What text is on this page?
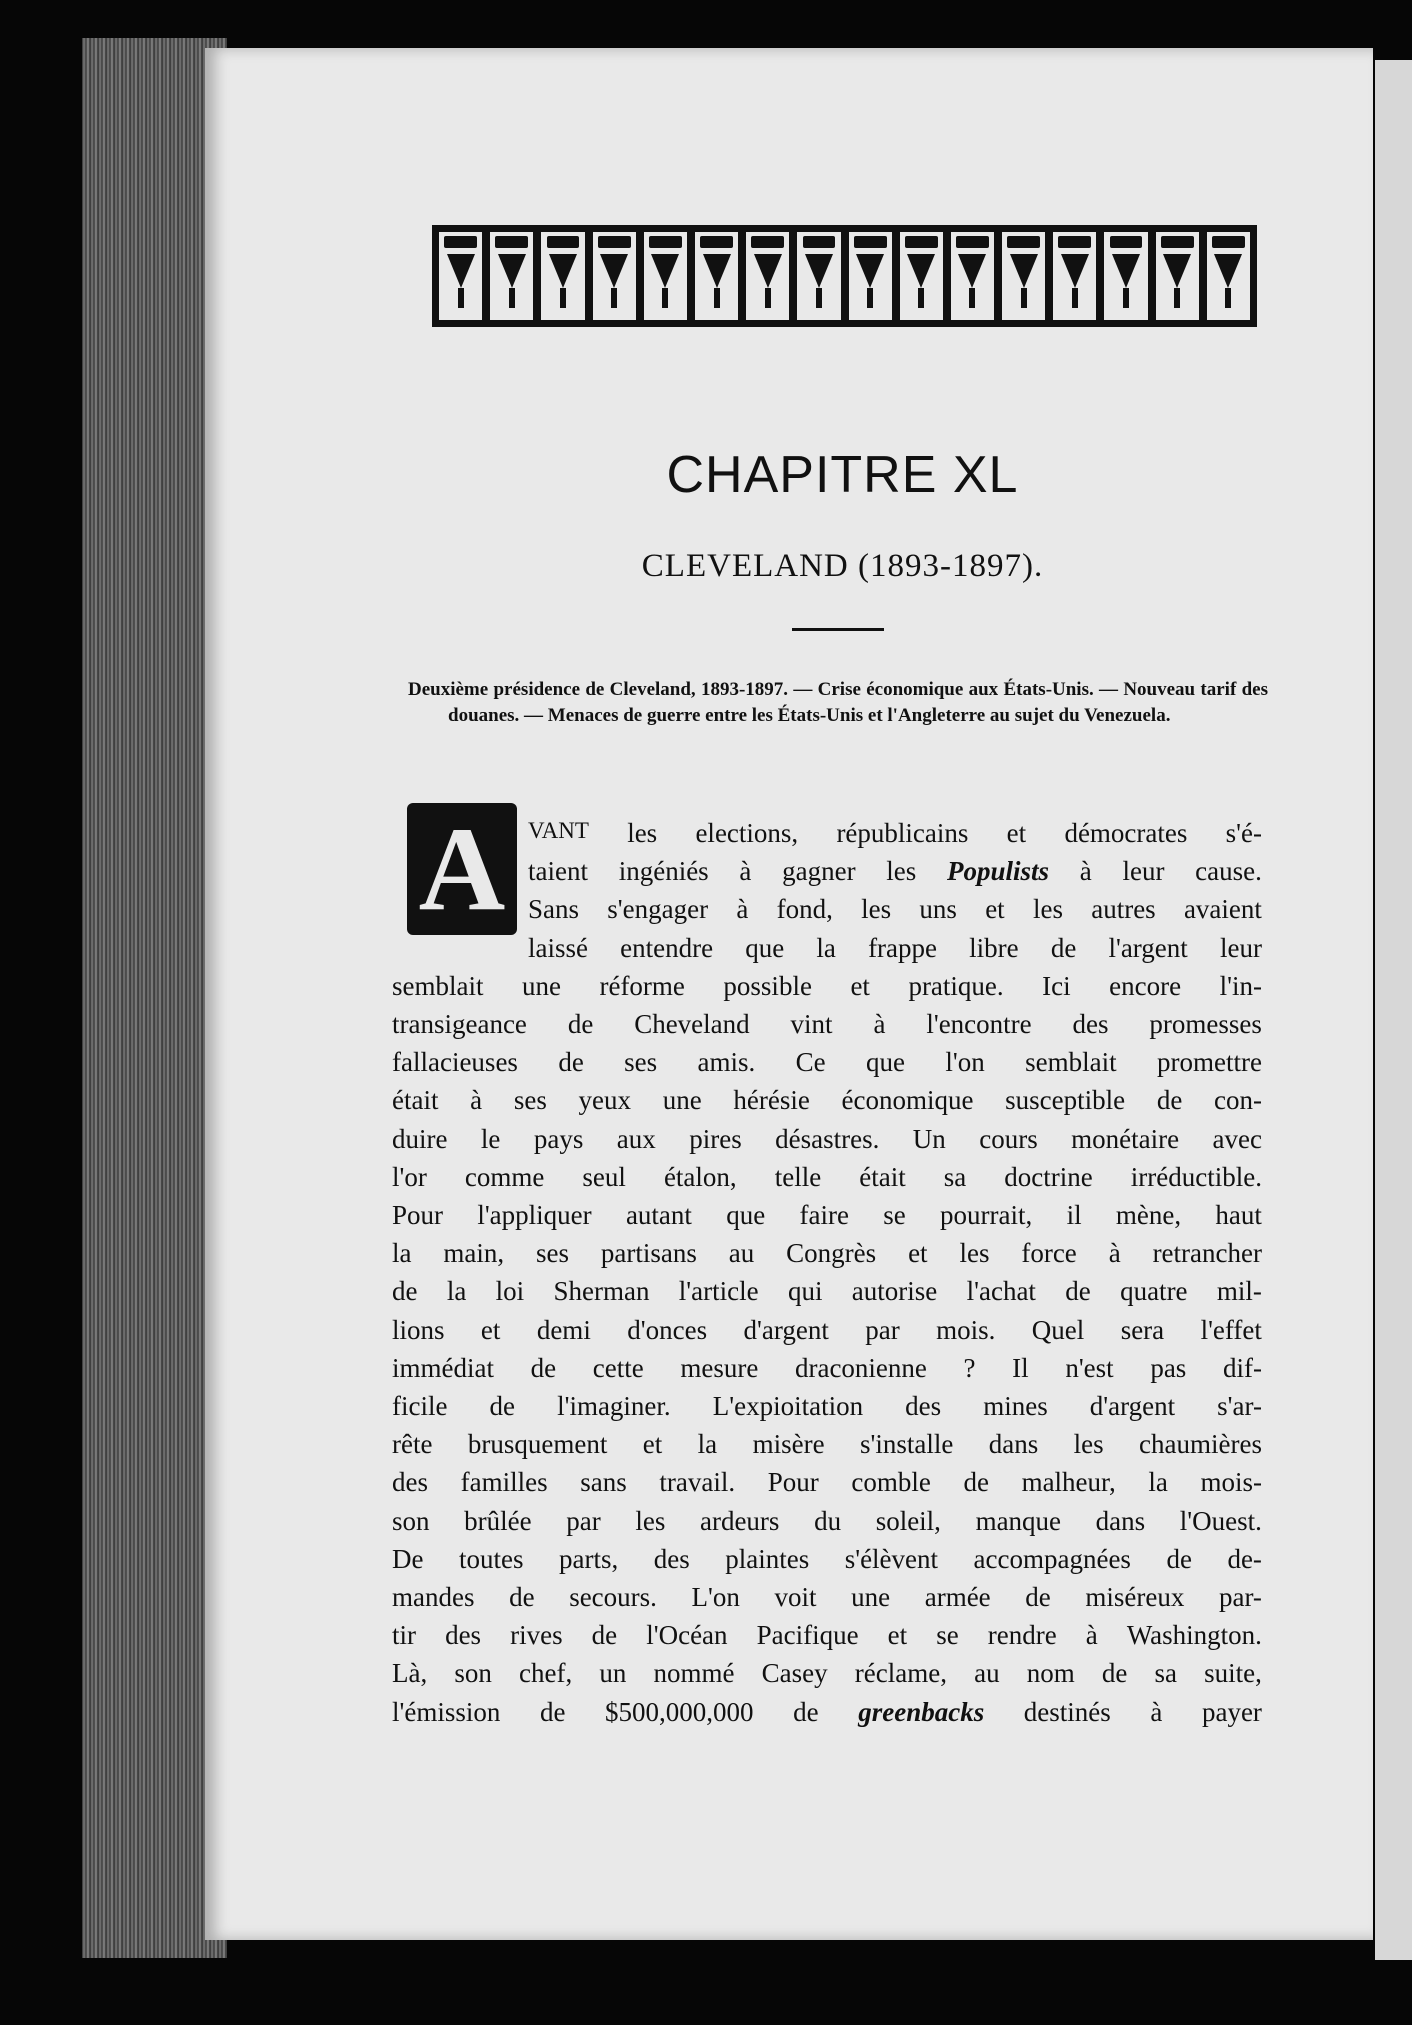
CHAPITRE XL
CLEVELAND (1893-1897).
Deuxième présidence de Cleveland, 1893-1897. — Crise économique aux États-Unis. — Nouveau tarif des douanes. — Menaces de guerre entre les États-Unis et l'Angleterre au sujet du Venezuela.
A VANT les elections, républicains et démocrates s'é-
taient ingéniés à gagner les Populists à leur cause.
Sans s'engager à fond, les uns et les autres avaient
laissé entendre que la frappe libre de l'argent leur
semblait une réforme possible et pratique. Ici encore l'in-
transigeance de Cheveland vint à l'encontre des promesses
fallacieuses de ses amis. Ce que l'on semblait promettre
était à ses yeux une hérésie économique susceptible de con-
duire le pays aux pires désastres. Un cours monétaire avec
l'or comme seul étalon, telle était sa doctrine irréductible.
Pour l'appliquer autant que faire se pourrait, il mène, haut
la main, ses partisans au Congrès et les force à retrancher
de la loi Sherman l'article qui autorise l'achat de quatre mil-
lions et demi d'onces d'argent par mois. Quel sera l'effet
immédiat de cette mesure draconienne ? Il n'est pas dif-
ficile de l'imaginer. L'expioitation des mines d'argent s'ar-
rête brusquement et la misère s'installe dans les chaumières
des familles sans travail. Pour comble de malheur, la mois-
son brûlée par les ardeurs du soleil, manque dans l'Ouest.
De toutes parts, des plaintes s'élèvent accompagnées de de-
mandes de secours. L'on voit une armée de miséreux par-
tir des rives de l'Océan Pacifique et se rendre à Washington.
Là, son chef, un nommé Casey réclame, au nom de sa suite,
l'émission de $500,000,000 de greenbacks destinés à payer
